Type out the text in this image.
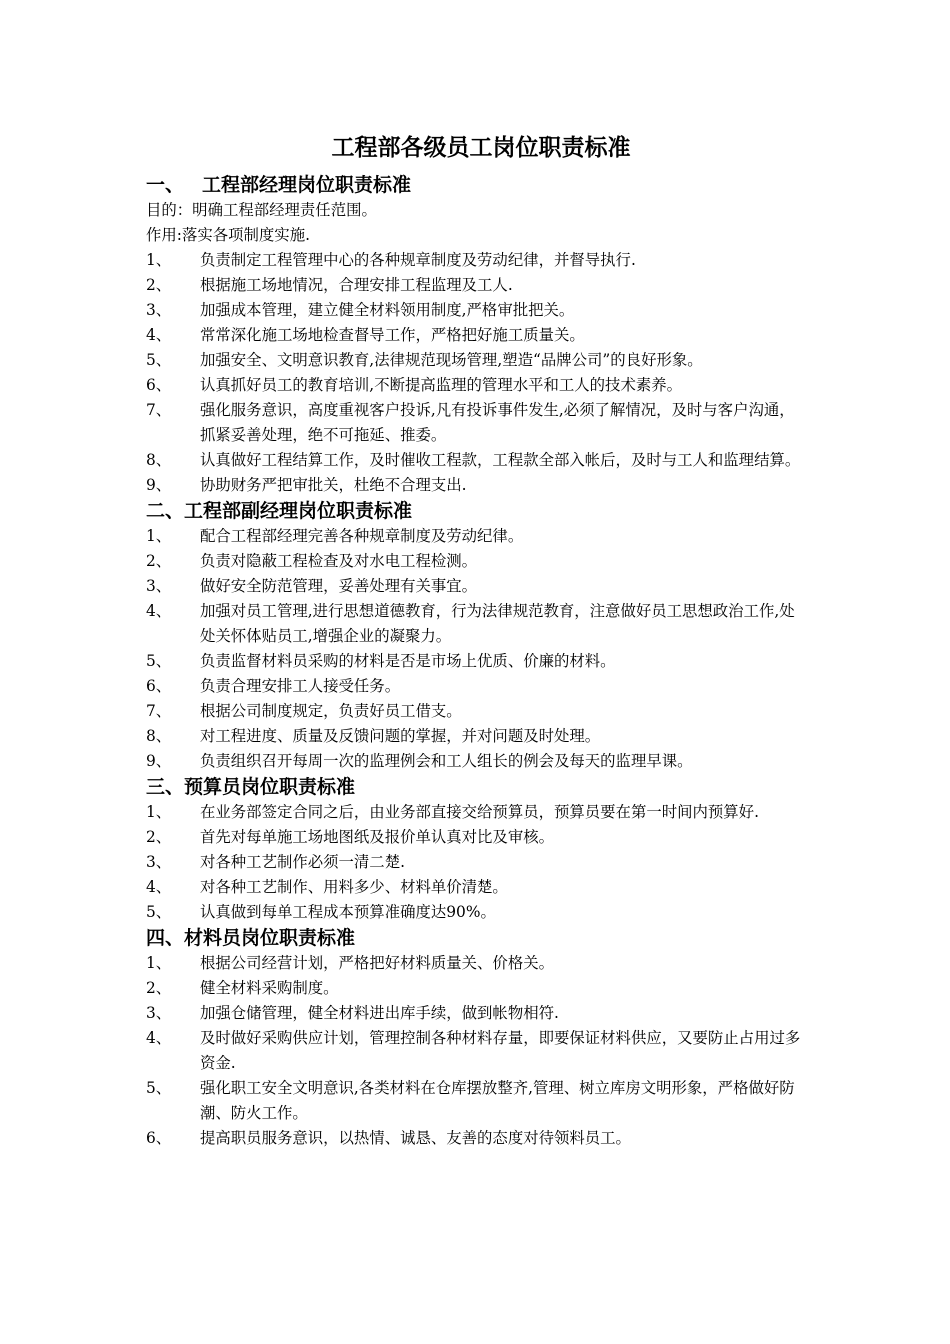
工程部各级员工岗位职责标准
一、 工程部经理岗位职责标准

目的：明确工程部经理责任范围。

作用:落实各项制度实施.

1、	负责制定工程管理中心的各种规章制度及劳动纪律，并督导执行.
2、	根据施工场地情况，合理安排工程监理及工人.
3、	加强成本管理，建立健全材料领用制度,严格审批把关。
4、	常常深化施工场地检查督导工作，严格把好施工质量关。
5、	加强安全、文明意识教育,法律规范现场管理,塑造“品牌公司”的良好形象。
6、	认真抓好员工的教育培训,不断提高监理的管理水平和工人的技术素养。
7、	强化服务意识，高度重视客户投诉,凡有投诉事件发生,必须了解情况，及时与客户沟通，抓紧妥善处理，绝不可拖延、推委。
8、	认真做好工程结算工作，及时催收工程款，工程款全部入帐后，及时与工人和监理结算。
9、	协助财务严把审批关，杜绝不合理支出.
二、工程部副经理岗位职责标准
1、	配合工程部经理完善各种规章制度及劳动纪律。
2、	负责对隐蔽工程检查及对水电工程检测。
3、	做好安全防范管理，妥善处理有关事宜。
4、	加强对员工管理,进行思想道德教育，行为法律规范教育，注意做好员工思想政治工作,处处关怀体贴员工,增强企业的凝聚力。
5、	负责监督材料员采购的材料是否是市场上优质、价廉的材料。
6、	负责合理安排工人接受任务。
7、	根据公司制度规定，负责好员工借支。
8、	对工程进度、质量及反馈问题的掌握，并对问题及时处理。
9、	负责组织召开每周一次的监理例会和工人组长的例会及每天的监理早课。
三、预算员岗位职责标准
1、	在业务部签定合同之后，由业务部直接交给预算员，预算员要在第一时间内预算好.
2、	首先对每单施工场地图纸及报价单认真对比及审核。
3、	对各种工艺制作必须一清二楚.
4、	对各种工艺制作、用料多少、材料单价清楚。
5、	认真做到每单工程成本预算准确度达90%。
四、材料员岗位职责标准
1、	根据公司经营计划，严格把好材料质量关、价格关。
2、	健全材料采购制度。
3、	加强仓储管理，健全材料进出库手续，做到帐物相符.
4、	及时做好采购供应计划，管理控制各种材料存量，即要保证材料供应，又要防止占用过多资金.
5、	强化职工安全文明意识,各类材料在仓库摆放整齐,管理、树立库房文明形象，严格做好防潮、防火工作。
6、	提高职员服务意识，以热情、诚恳、友善的态度对待领料员工。
